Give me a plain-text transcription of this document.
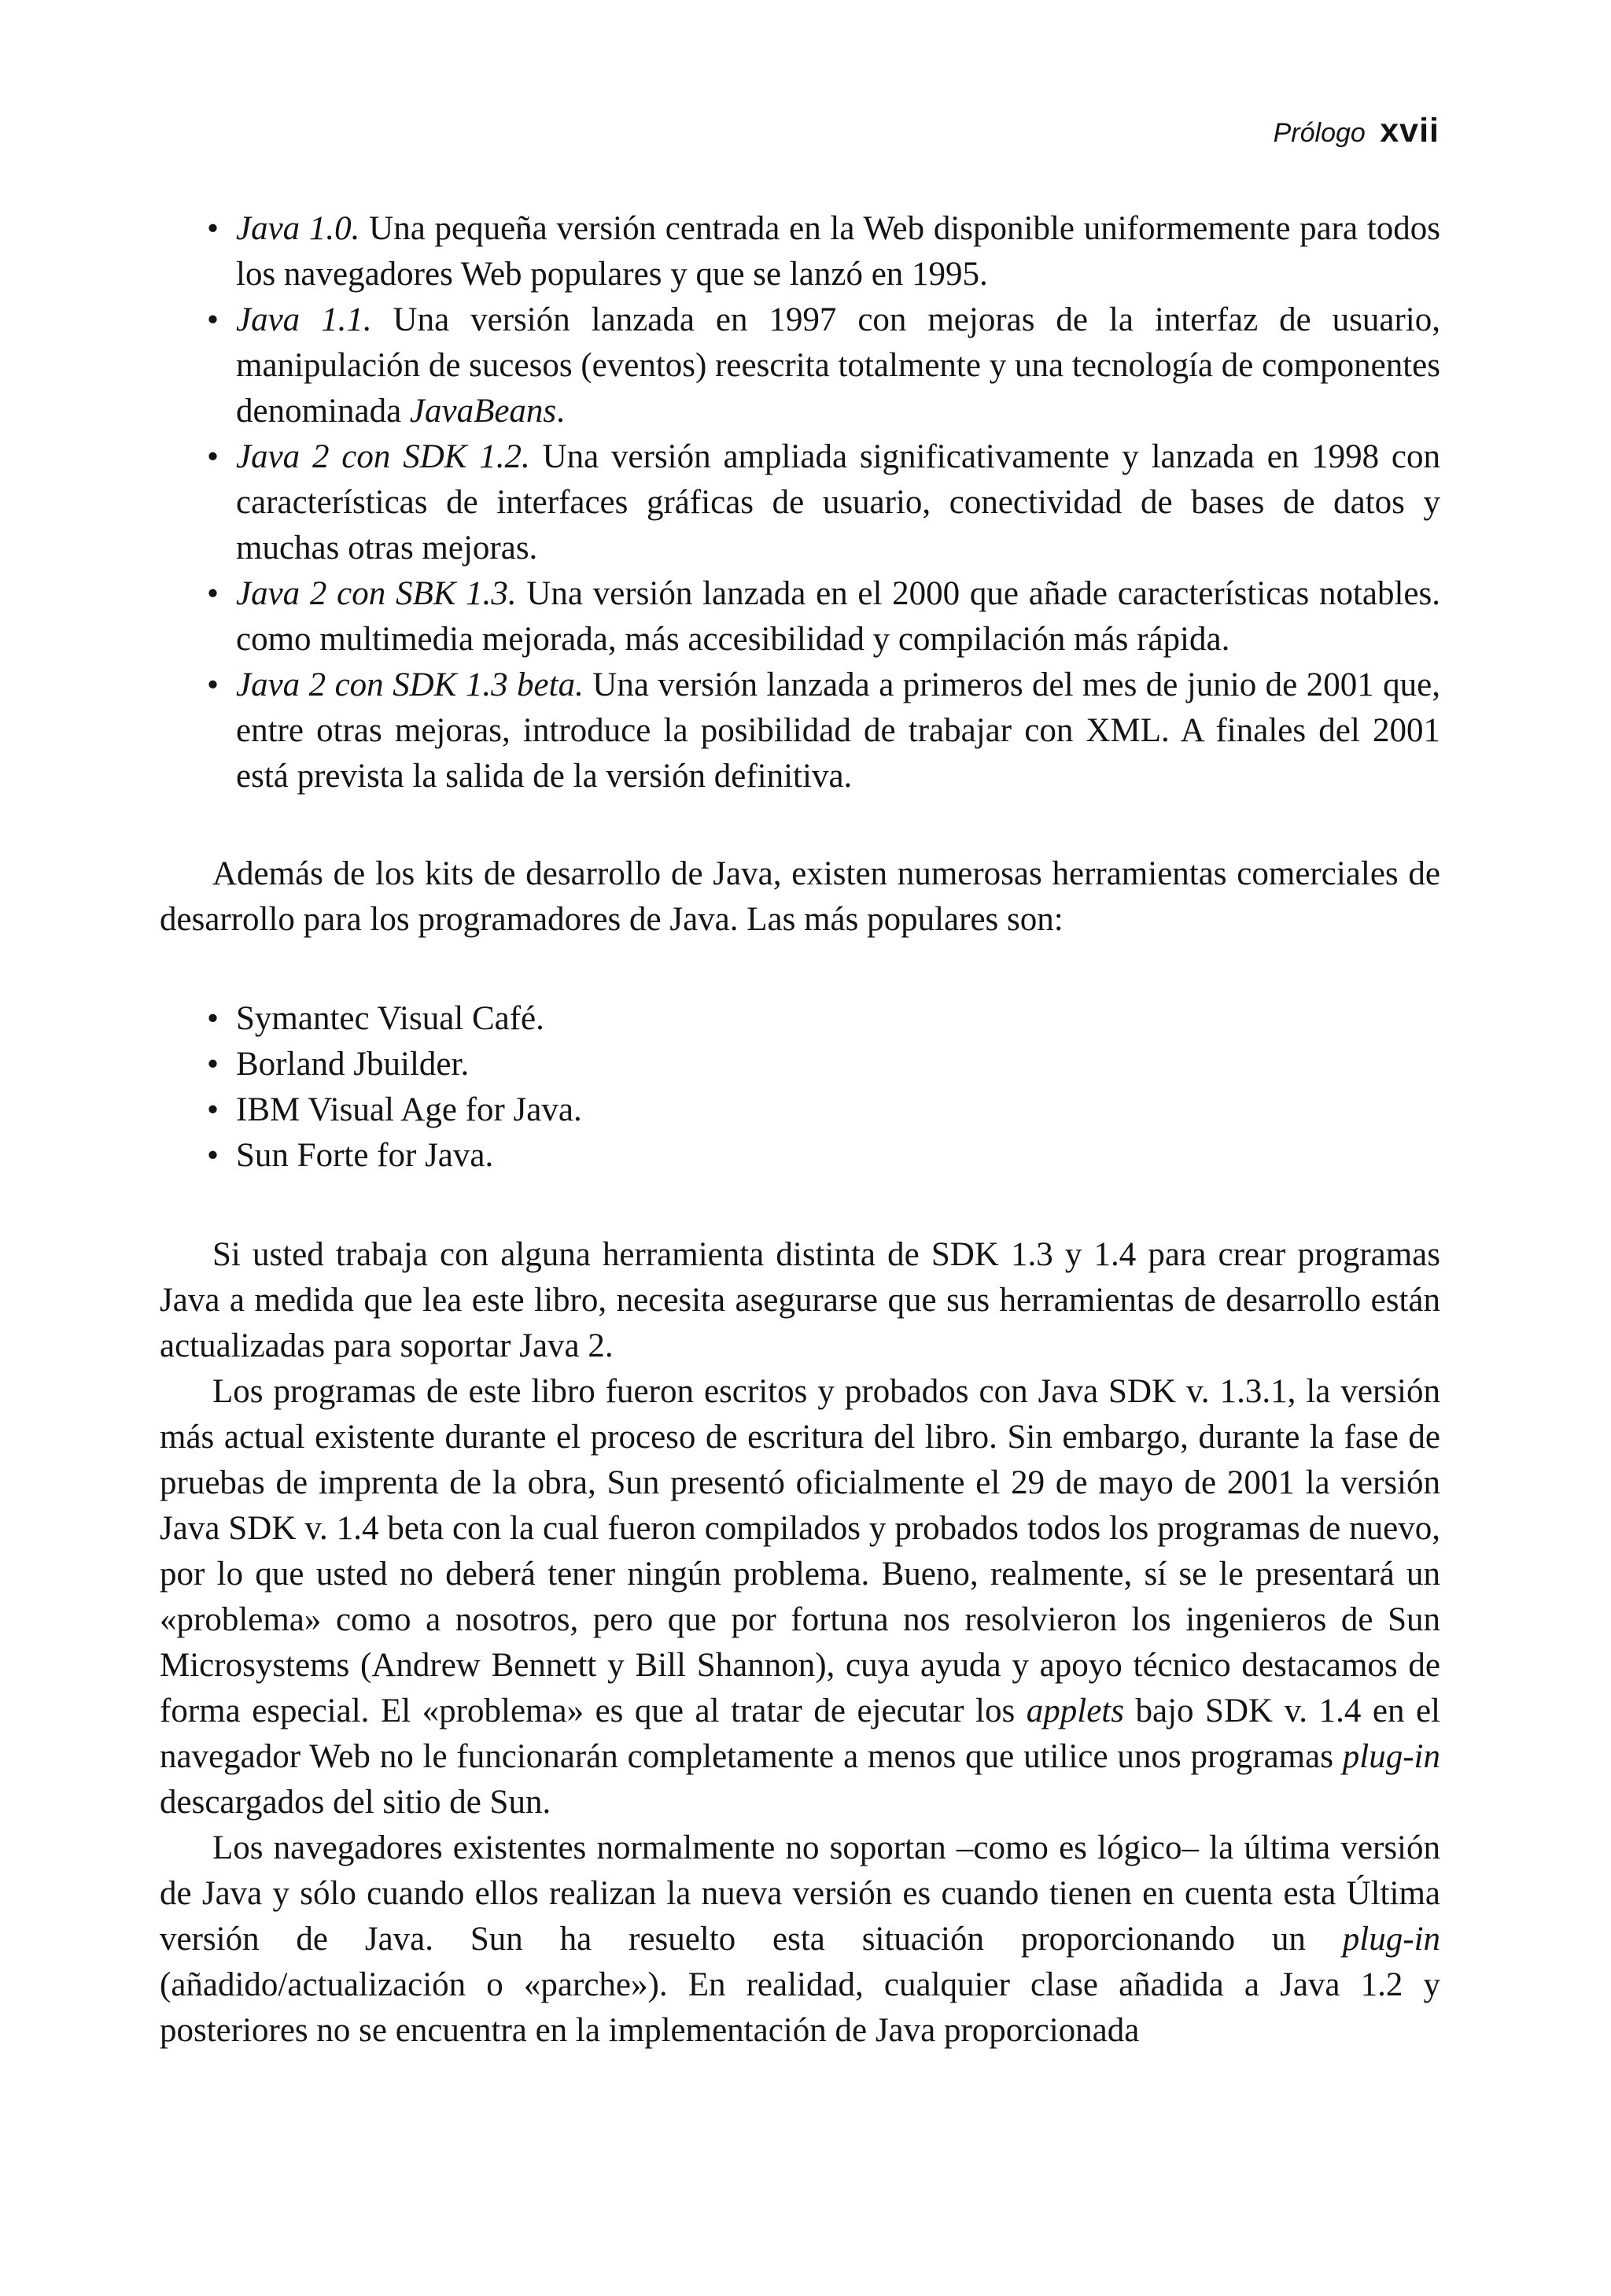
Prólogo xvii
• Java 1.0. Una pequeña versión centrada en la Web disponible uniformemente para todos los navegadores Web populares y que se lanzó en 1995.
• Java 1.1. Una versión lanzada en 1997 con mejoras de la interfaz de usuario, manipulación de sucesos (eventos) reescrita totalmente y una tecnología de componentes denominada JavaBeans.
• Java 2 con SDK 1.2. Una versión ampliada significativamente y lanzada en 1998 con características de interfaces gráficas de usuario, conectividad de bases de datos y muchas otras mejoras.
• Java 2 con SBK 1.3. Una versión lanzada en el 2000 que añade características notables. como multimedia mejorada, más accesibilidad y compilación más rápida.
• Java 2 con SDK 1.3 beta. Una versión lanzada a primeros del mes de junio de 2001 que, entre otras mejoras, introduce la posibilidad de trabajar con XML. A finales del 2001 está prevista la salida de la versión definitiva.

Además de los kits de desarrollo de Java, existen numerosas herramientas comerciales de desarrollo para los programadores de Java. Las más populares son:

• Symantec Visual Café.
• Borland Jbuilder.
• IBM Visual Age for Java.
• Sun Forte for Java.

Si usted trabaja con alguna herramienta distinta de SDK 1.3 y 1.4 para crear programas Java a medida que lea este libro, necesita asegurarse que sus herramientas de desarrollo están actualizadas para soportar Java 2.

Los programas de este libro fueron escritos y probados con Java SDK v. 1.3.1, la versión más actual existente durante el proceso de escritura del libro. Sin embargo, durante la fase de pruebas de imprenta de la obra, Sun presentó oficialmente el 29 de mayo de 2001 la versión Java SDK v. 1.4 beta con la cual fueron compilados y probados todos los programas de nuevo, por lo que usted no deberá tener ningún problema. Bueno, realmente, sí se le presentará un «problema» como a nosotros, pero que por fortuna nos resolvieron los ingenieros de Sun Microsystems (Andrew Bennett y Bill Shannon), cuya ayuda y apoyo técnico destacamos de forma especial. El «problema» es que al tratar de ejecutar los applets bajo SDK v. 1.4 en el navegador Web no le funcionarán completamente a menos que utilice unos programas plug-in descargados del sitio de Sun.

Los navegadores existentes normalmente no soportan –como es lógico– la última versión de Java y sólo cuando ellos realizan la nueva versión es cuando tienen en cuenta esta Última versión de Java. Sun ha resuelto esta situación proporcionando un plug-in (añadido/actualización o «parche»). En realidad, cualquier clase añadida a Java 1.2 y posteriores no se encuentra en la implementación de Java proporcionada
